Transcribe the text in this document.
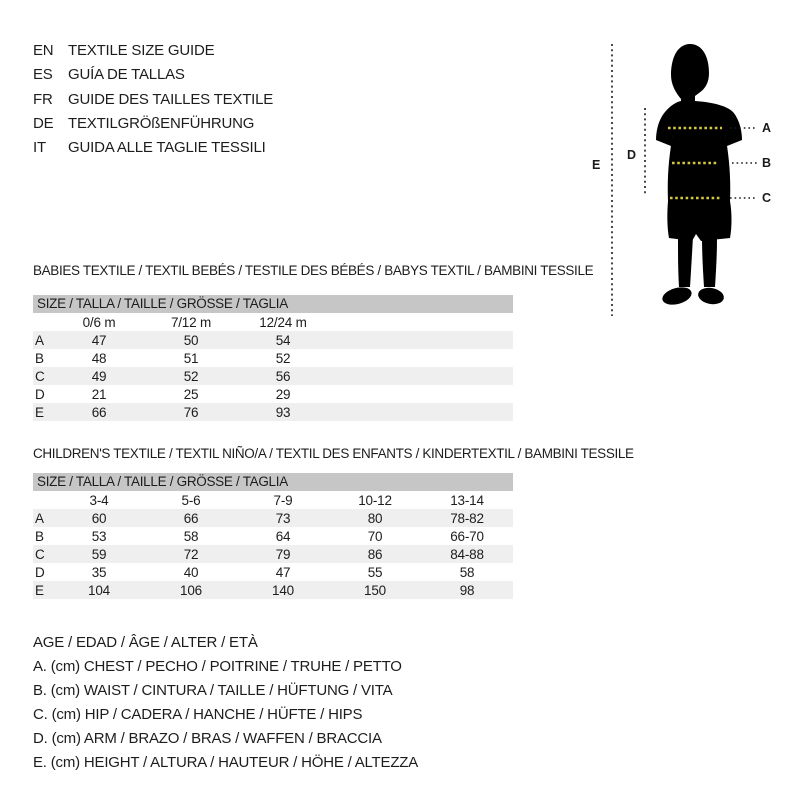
EN TEXTILE SIZE GUIDE
ES	GUÍA DE TALLAS
FR	GUIDE DES TAILLES TEXTILE
DE TEXTILGRÖßENFÜHRUNG
IT	GUIDA ALLE TAGLIE TESSILI
A
B
C
D
E
BABIES TEXTILE / TEXTIL BEBÉS / TESTILE DES BÉBÉS / BABYS TEXTIL / BAMBINI TESSILE
SIZE / TALLA / TAILLE / GRÖSSE / TAGLIA
	0/6 m	7/12 m	12/24 m	
A	47	50	54	
B	48	51	52	
C	49	52	56	
D	21	25	29	
E	66	76	93	
CHILDREN'S TEXTILE / TEXTIL NIÑO/A / TEXTIL DES ENFANTS / KINDERTEXTIL / BAMBINI TESSILE
SIZE / TALLA / TAILLE / GRÖSSE / TAGLIA
	3-4	5-6	7-9	10-12	13-14
A	60	66	73	80	78-82
B	53	58	64	70	66-70
C	59	72	79	86	84-88
D	35	40	47	55	58
E	104	106	140	150	98
AGE / EDAD / ÂGE / ALTER / ETÀ
A. (cm) CHEST / PECHO / POITRINE / TRUHE / PETTO
B. (cm) WAIST / CINTURA / TAILLE / HÜFTUNG / VITA
C. (cm) HIP / CADERA / HANCHE / HÜFTE / HIPS
D. (cm) ARM / BRAZO / BRAS / WAFFEN / BRACCIA
E. (cm) HEIGHT / ALTURA / HAUTEUR / HÖHE / ALTEZZA
